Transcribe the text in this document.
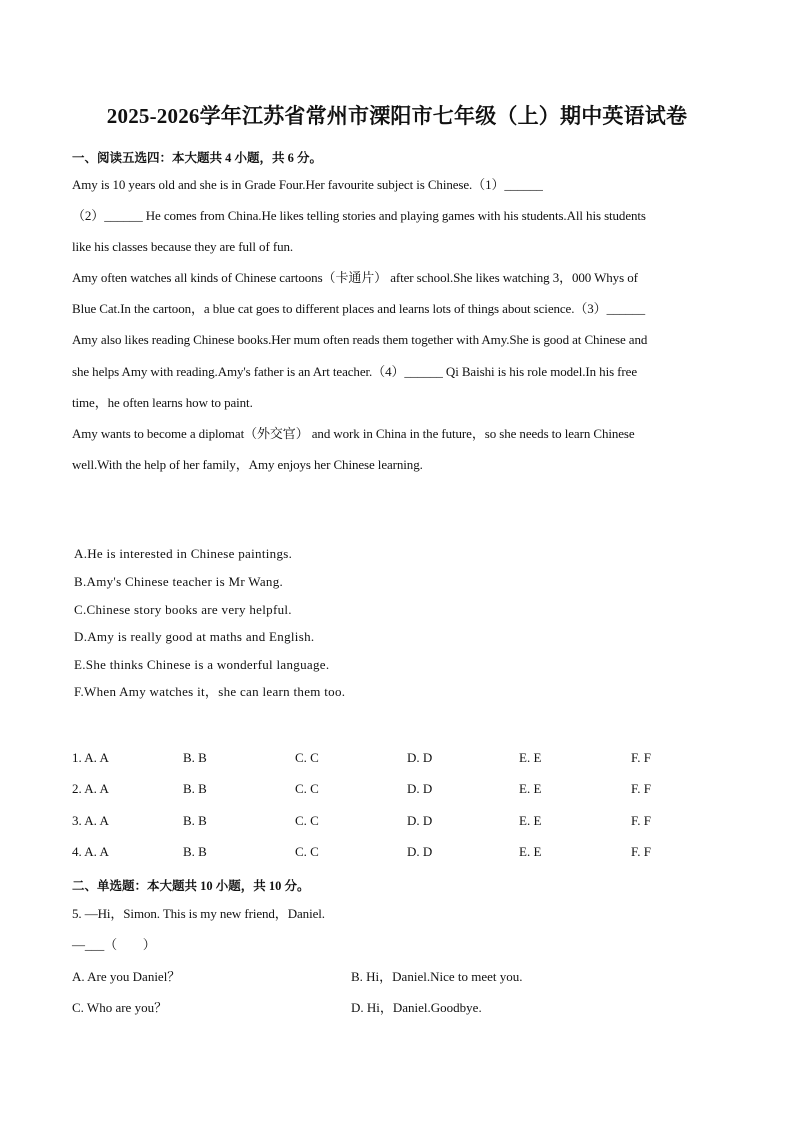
2025-2026学年江苏省常州市溧阳市七年级（上）期中英语试卷
一、阅读五选四：本大题共 4 小题，共 6 分。
Amy is 10 years old and she is in Grade Four.Her favourite subject is Chinese.（1）______
（2）______ He comes from China.He likes telling stories and playing games with his students.All his students
like his classes because they are full of fun.
Amy often watches all kinds of Chinese cartoons（卡通片） after school.She likes watching 3，000 Whys of
Blue Cat.In the cartoon，a blue cat goes to different places and learns lots of things about science.（3）______
Amy also likes reading Chinese books.Her mum often reads them together with Amy.She is good at Chinese and
she helps Amy with reading.Amy's father is an Art teacher.（4）______ Qi Baishi is his role model.In his free
time，he often learns how to paint.
Amy wants to become a diplomat（外交官） and work in China in the future，so she needs to learn Chinese
well.With the help of her family，Amy enjoys her Chinese learning.
A.He is interested in Chinese paintings.
B.Amy's Chinese teacher is Mr Wang.
C.Chinese story books are very helpful.
D.Amy is really good at maths and English.
E.She thinks Chinese is a wonderful language.
F.When Amy watches it，she can learn them too.
1. A. A	B. B	C. C	D. D	E. E	F. F
2. A. A	B. B	C. C	D. D	E. E	F. F
3. A. A	B. B	C. C	D. D	E. E	F. F
4. A. A	B. B	C. C	D. D	E. E	F. F
二、单选题：本大题共 10 小题，共 10 分。
5. —Hi，Simon. This is my new friend，Daniel.
—___（　　）
A. Are you Daniel？	B. Hi，Daniel.Nice to meet you.
C. Who are you？	D. Hi，Daniel.Goodbye.
